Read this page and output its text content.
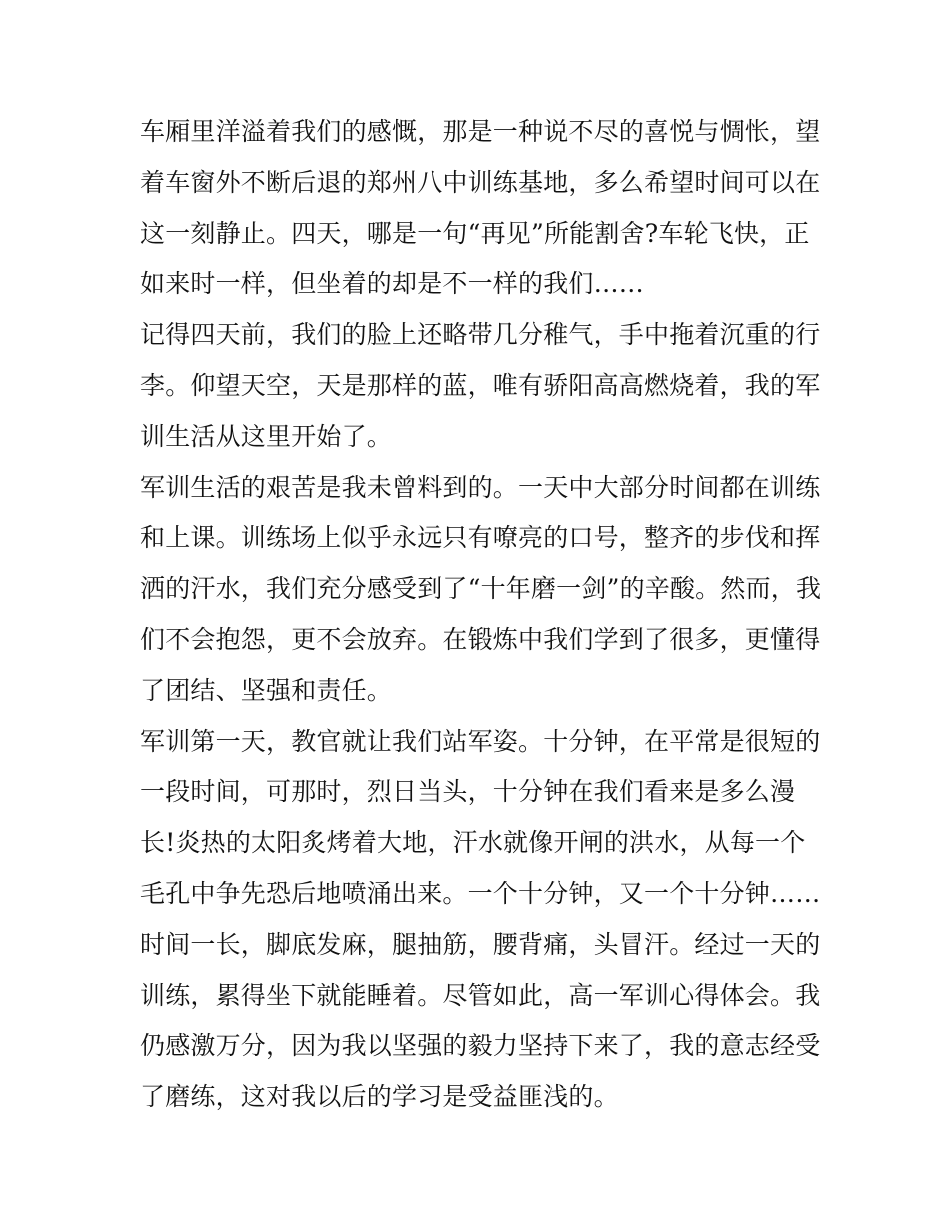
车厢里洋溢着我们的感慨，那是一种说不尽的喜悦与惆怅，望
着车窗外不断后退的郑州八中训练基地，多么希望时间可以在
这一刻静止。四天，哪是一句“再见”所能割舍?车轮飞快，正
如来时一样，但坐着的却是不一样的我们……
记得四天前，我们的脸上还略带几分稚气，手中拖着沉重的行
李。仰望天空，天是那样的蓝，唯有骄阳高高燃烧着，我的军
训生活从这里开始了。
军训生活的艰苦是我未曾料到的。一天中大部分时间都在训练
和上课。训练场上似乎永远只有嘹亮的口号，整齐的步伐和挥
洒的汗水，我们充分感受到了“十年磨一剑”的辛酸。然而，我
们不会抱怨，更不会放弃。在锻炼中我们学到了很多，更懂得
了团结、坚强和责任。
军训第一天，教官就让我们站军姿。十分钟，在平常是很短的
一段时间，可那时，烈日当头，十分钟在我们看来是多么漫
长!炎热的太阳炙烤着大地，汗水就像开闸的洪水，从每一个
毛孔中争先恐后地喷涌出来。一个十分钟，又一个十分钟……
时间一长，脚底发麻，腿抽筋，腰背痛，头冒汗。经过一天的
训练，累得坐下就能睡着。尽管如此，高一军训心得体会。我
仍感激万分，因为我以坚强的毅力坚持下来了，我的意志经受
了磨练，这对我以后的学习是受益匪浅的。
